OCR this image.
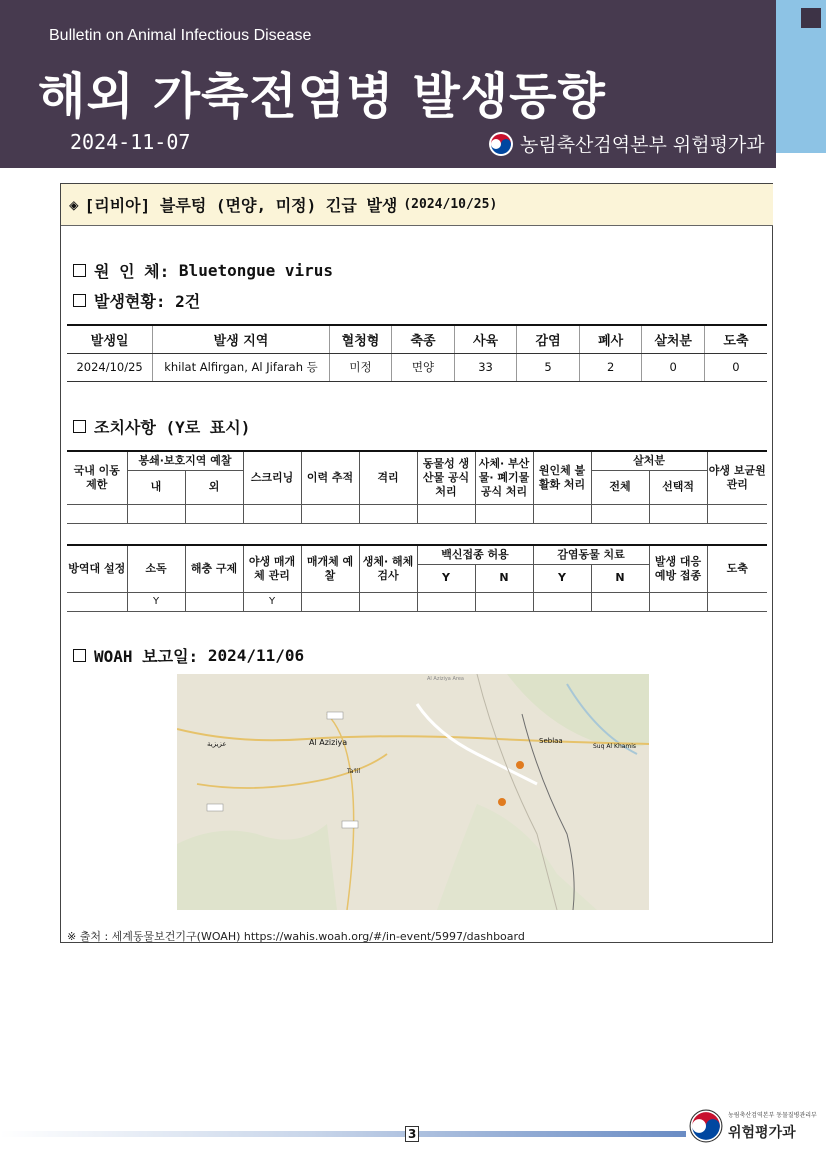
Bulletin on Animal Infectious Disease
해외 가축전염병 발생동향
2024-11-07	농림축산검역본부 위험평가과
◈ [리비아] 블루텅 (면양, 미정) 긴급 발생 (2024/10/25)
원 인 체:
Bluetongue virus
발생현황:
2건
발생일	발생 지역	혈청형	축종	사육	감염	폐사	살처분	도축
2024/10/25	khilat Alfirgan, Al Jifarah 등	미정	면양	33	5	2	0	0
조치사항 (Y로 표시)
국내 이동 제한	봉쇄·보호지역 예찰		스크리닝	이력 추적	격리	동물성 생산물 공식 처리	사체· 부산물· 폐기물 공식 처리	원인체 불활화 처리	살처분		야생 보균원 관리
	내	외							전체	선택적	

방역대 설정	소독	해충 구제	야생 매개체 관리	매개체 예찰	생체· 해체 검사	백신접종 허용		감염동물 치료		발생 대응 예방 접종	도축
						Y	N	Y	N		
	Y		Y								
WOAH 보고일:
2024/11/06
Al Aziziya	Seblaa
Suq Al Khamis
Ta'lil
Al Aziziya Area
عزيزية
※ 출처 : 세계동물보건기구(WOAH) https://wahis.woah.org/#/in-event/5997/dashboard
3
농림축산검역본부 동물질병관리부
위험평가과
